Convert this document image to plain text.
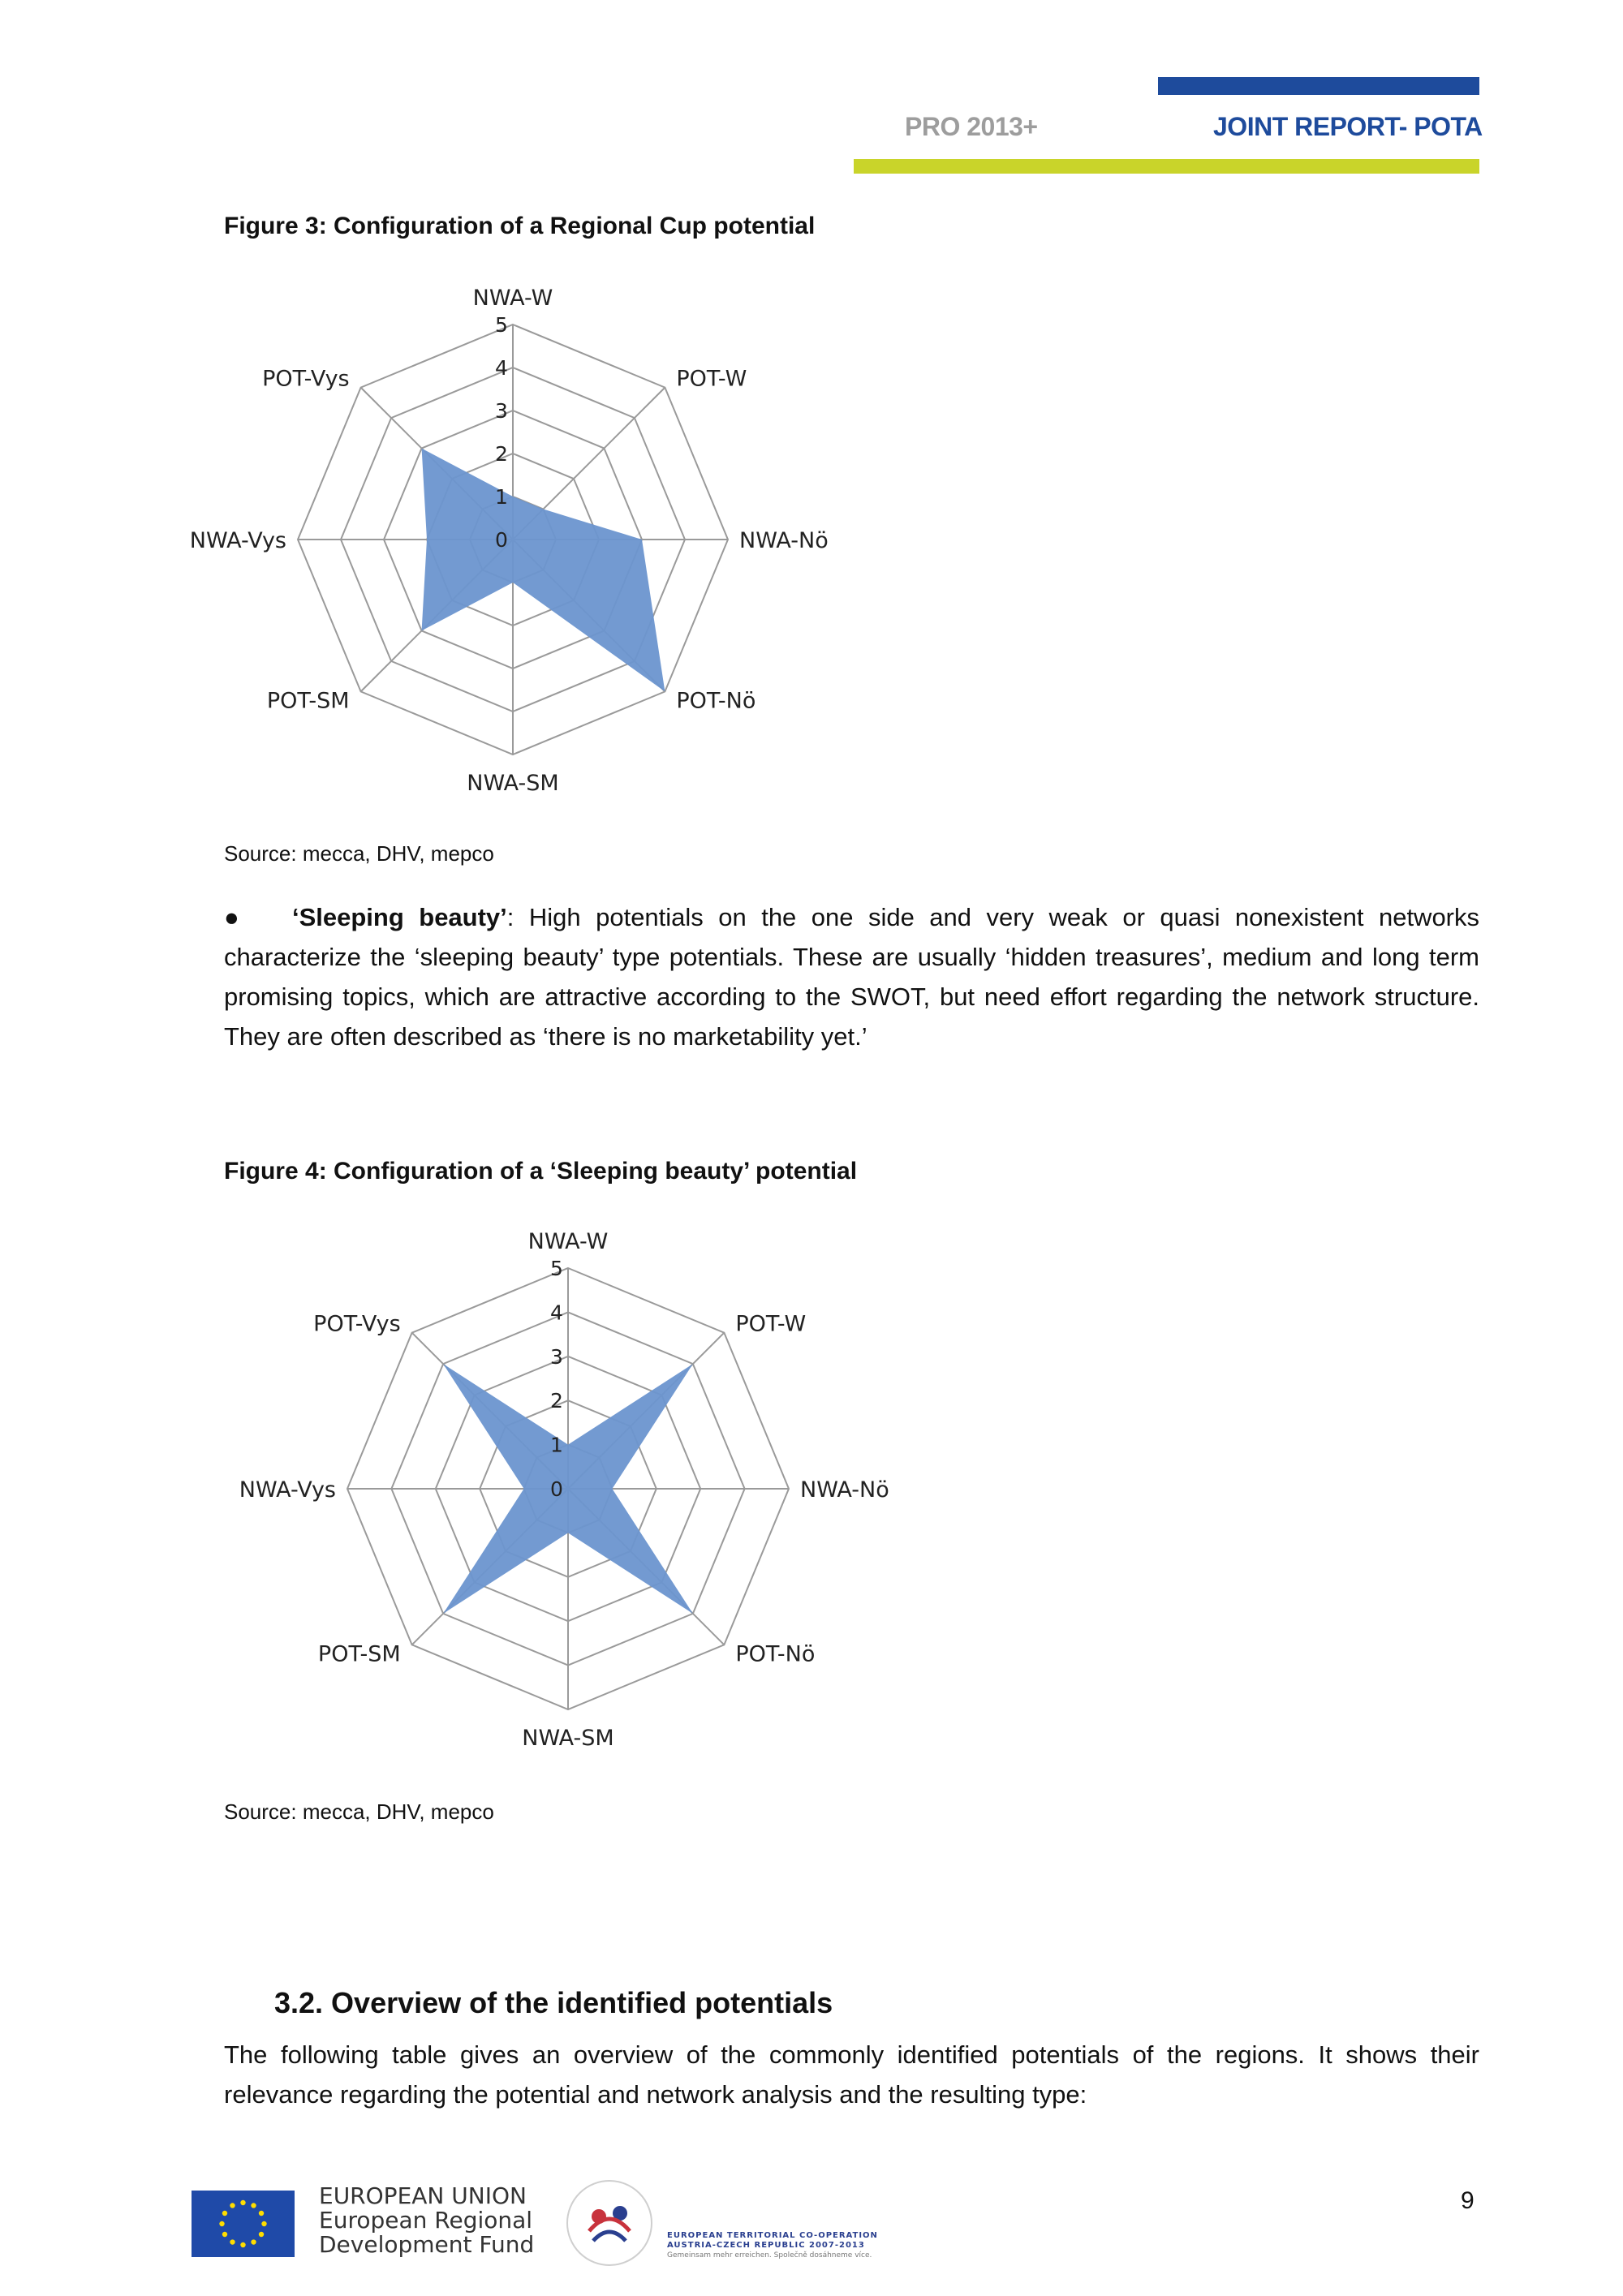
PRO 2013+	JOINT REPORT- POTA
Figure 3: Configuration of a Regional Cup potential
0
1
2
3
4
5
NWA-W
POT-W
NWA-Nö
POT-Nö
NWA-SM
POT-SM
NWA-Vys
POT-Vys
Source: mecca, DHV, mepco
● ‘Sleeping beauty’: High potentials on the one side and very weak or quasi nonexistent networks characterize the ‘sleeping beauty’ type potentials. These are usually ‘hidden treasures’, medium and long term promising topics, which are attractive according to the SWOT, but need effort regarding the network structure. They are often described as ‘there is no marketability yet.’
Figure 4: Configuration of a ‘Sleeping beauty’ potential
0
1
2
3
4
5
NWA-W
POT-W
NWA-Nö
POT-Nö
NWA-SM
POT-SM
NWA-Vys
POT-Vys
Source: mecca, DHV, mepco
3.2. Overview of the identified potentials
The following table gives an overview of the commonly identified potentials of the regions. It shows their relevance regarding the potential and network analysis and the resulting type:
EUROPEAN UNION
European Regional
Development Fund	EUROPEAN TERRITORIAL CO-OPERATION
AUSTRIA-CZECH REPUBLIC 2007-2013
Gemeinsam mehr erreichen. Společně dosáhneme více.
9
